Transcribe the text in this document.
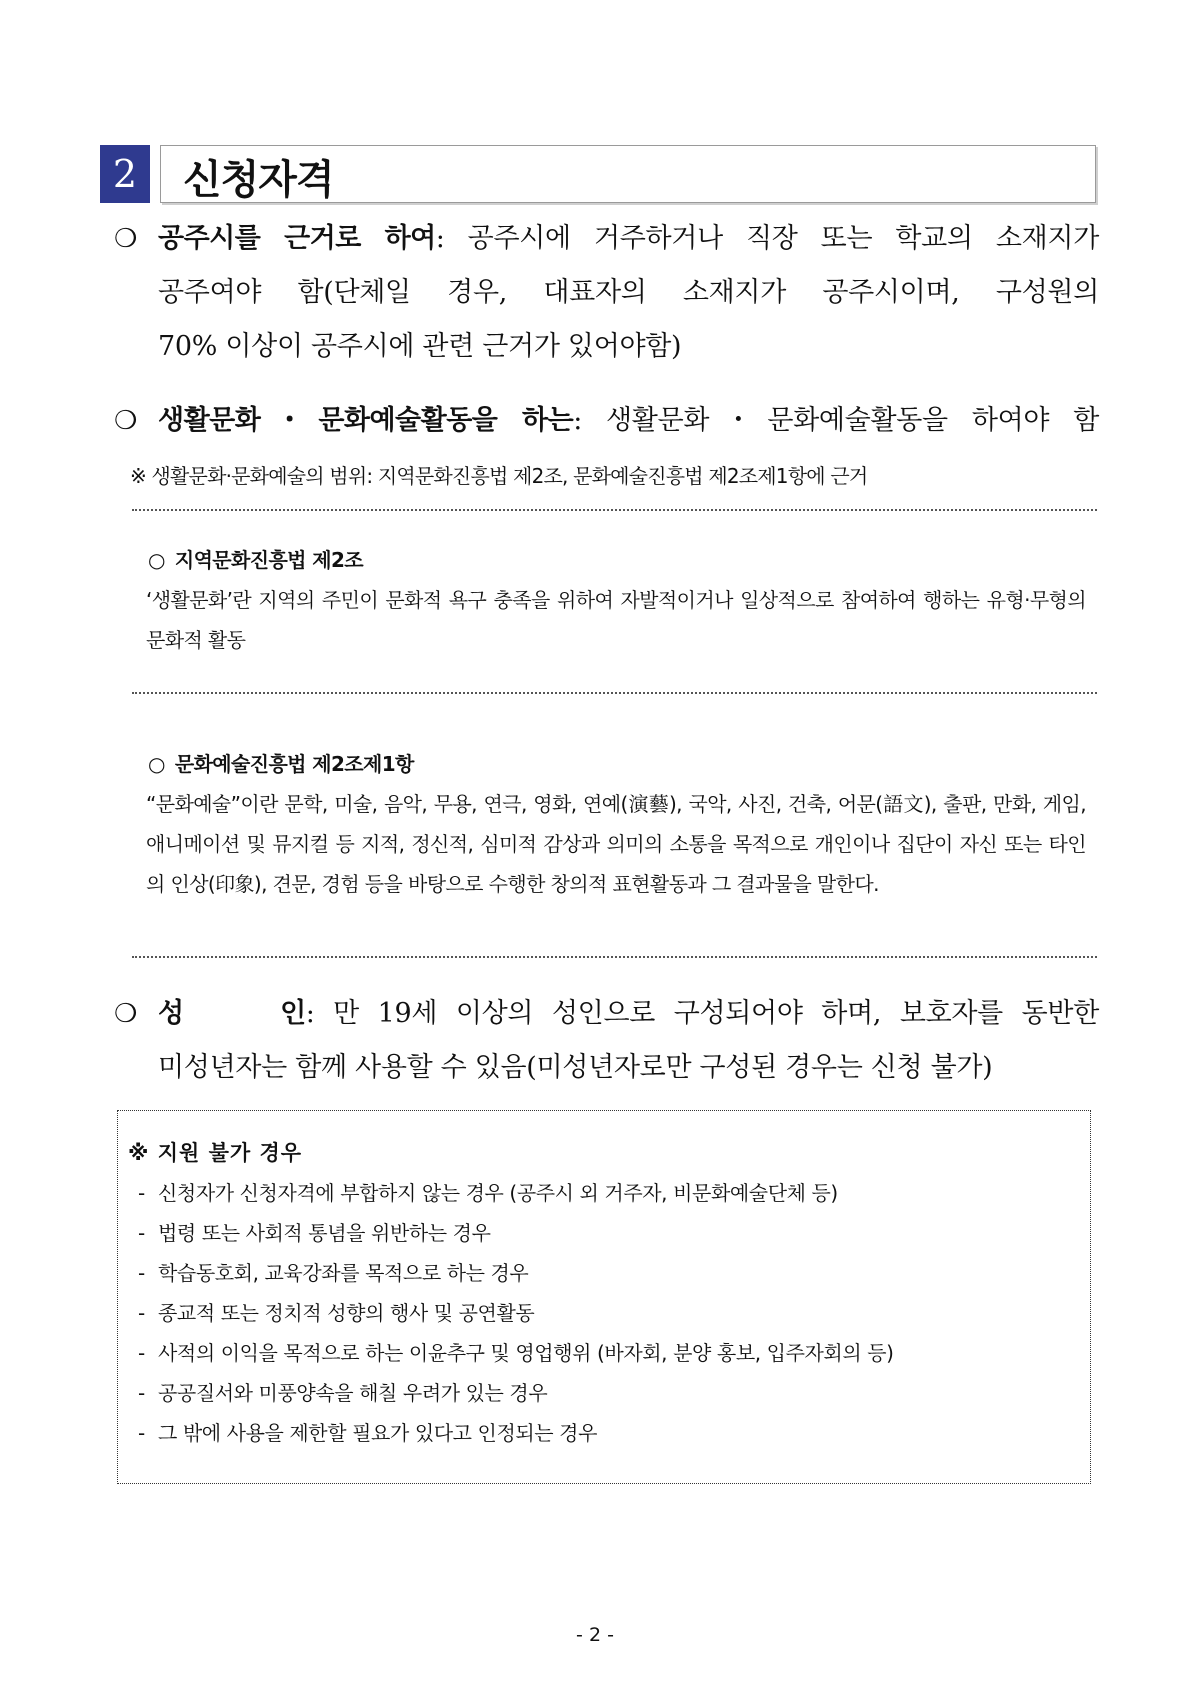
2	신청자격
❍ 공주시를 근거로 하여: 공주시에 거주하거나 직장 또는 학교의 소재지가
공주여야 함(단체일 경우, 대표자의 소재지가 공주시이며, 구성원의
70% 이상이 공주시에 관련 근거가 있어야함)
❍ 생활문화・문화예술활동을 하는: 생활문화・문화예술활동을 하여야 함
※ 생활문화·문화예술의 범위: 지역문화진흥법 제2조, 문화예술진흥법 제2조제1항에 근거
○ 지역문화진흥법 제2조
‘생활문화’란 지역의 주민이 문화적 욕구 충족을 위하여 자발적이거나 일상적으로 참여하여 행하는 유형·무형의 문화적 활동
○ 문화예술진흥법 제2조제1항
“문화예술”이란 문학, 미술, 음악, 무용, 연극, 영화, 연예(演藝), 국악, 사진, 건축, 어문(語文), 출판, 만화, 게임, 애니메이션 및 뮤지컬 등 지적, 정신적, 심미적 감상과 의미의 소통을 목적으로 개인이나 집단이 자신 또는 타인의 인상(印象), 견문, 경험 등을 바탕으로 수행한 창의적 표현활동과 그 결과물을 말한다.
❍ 성     인: 만 19세 이상의 성인으로 구성되어야 하며, 보호자를 동반한
미성년자는 함께 사용할 수 있음(미성년자로만 구성된 경우는 신청 불가)
※ 지원 불가 경우
- 신청자가 신청자격에 부합하지 않는 경우 (공주시 외 거주자, 비문화예술단체 등)
- 법령 또는 사회적 통념을 위반하는 경우
- 학습동호회, 교육강좌를 목적으로 하는 경우
- 종교적 또는 정치적 성향의 행사 및 공연활동
- 사적의 이익을 목적으로 하는 이윤추구 및 영업행위 (바자회, 분양 홍보, 입주자회의 등)
- 공공질서와 미풍양속을 해칠 우려가 있는 경우
- 그 밖에 사용을 제한할 필요가 있다고 인정되는 경우
- 2 -
